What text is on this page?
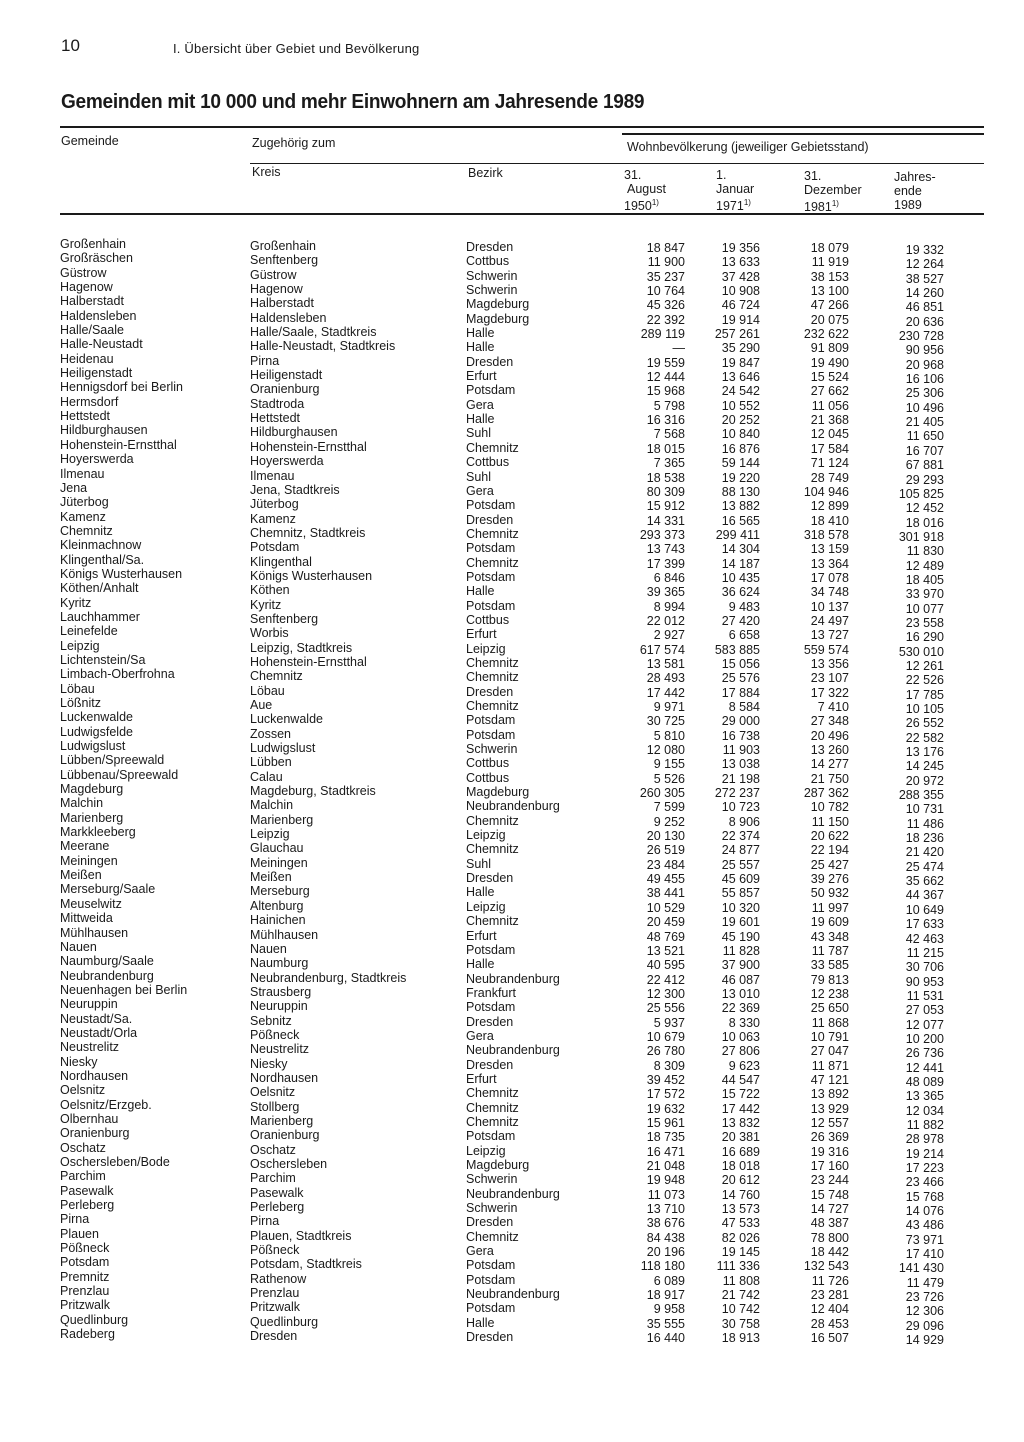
10	I. Übersicht über Gebiet und Bevölkerung
Gemeinden mit 10 000 und mehr Einwohnern am Jahresende 1989
Gemeinde	Zugehörig zum
Kreis	Bezirk
Wohnbevölkerung (jeweiliger Gebietsstand)
31.
August
1950$^{1)}$
1.
Januar
1971$^{1)}$
31.
Dezember
1981$^{1)}$
Jahres-
ende
1989
Großenhain	Großenhain	Dresden	18 847	19 356	18 079	19 332
Großräschen	Senftenberg	Cottbus	11 900	13 633	11 919	12 264
Güstrow	Güstrow	Schwerin	35 237	37 428	38 153	38 527
Hagenow	Hagenow	Schwerin	10 764	10 908	13 100	14 260
Halberstadt	Halberstadt	Magdeburg	45 326	46 724	47 266	46 851
Haldensleben	Haldensleben	Magdeburg	22 392	19 914	20 075	20 636
Halle/Saale	Halle/Saale, Stadtkreis	Halle	289 119	257 261	232 622	230 728
Halle-Neustadt	Halle-Neustadt, Stadtkreis	Halle	—	35 290	91 809	90 956
Heidenau	Pirna	Dresden	19 559	19 847	19 490	20 968
Heiligenstadt	Heiligenstadt	Erfurt	12 444	13 646	15 524	16 106
Hennigsdorf bei Berlin	Oranienburg	Potsdam	15 968	24 542	27 662	25 306
Hermsdorf	Stadtroda	Gera	5 798	10 552	11 056	10 496
Hettstedt	Hettstedt	Halle	16 316	20 252	21 368	21 405
Hildburghausen	Hildburghausen	Suhl	7 568	10 840	12 045	11 650
Hohenstein-Ernstthal	Hohenstein-Ernstthal	Chemnitz	18 015	16 876	17 584	16 707
Hoyerswerda	Hoyerswerda	Cottbus	7 365	59 144	71 124	67 881
Ilmenau	Ilmenau	Suhl	18 538	19 220	28 749	29 293
Jena	Jena, Stadtkreis	Gera	80 309	88 130	104 946	105 825
Jüterbog	Jüterbog	Potsdam	15 912	13 882	12 899	12 452
Kamenz	Kamenz	Dresden	14 331	16 565	18 410	18 016
Chemnitz	Chemnitz, Stadtkreis	Chemnitz	293 373	299 411	318 578	301 918
Kleinmachnow	Potsdam	Potsdam	13 743	14 304	13 159	11 830
Klingenthal/Sa.	Klingenthal	Chemnitz	17 399	14 187	13 364	12 489
Königs Wusterhausen	Königs Wusterhausen	Potsdam	6 846	10 435	17 078	18 405
Köthen/Anhalt	Köthen	Halle	39 365	36 624	34 748	33 970
Kyritz	Kyritz	Potsdam	8 994	9 483	10 137	10 077
Lauchhammer	Senftenberg	Cottbus	22 012	27 420	24 497	23 558
Leinefelde	Worbis	Erfurt	2 927	6 658	13 727	16 290
Leipzig	Leipzig, Stadtkreis	Leipzig	617 574	583 885	559 574	530 010
Lichtenstein/Sa	Hohenstein-Ernstthal	Chemnitz	13 581	15 056	13 356	12 261
Limbach-Oberfrohna	Chemnitz	Chemnitz	28 493	25 576	23 107	22 526
Löbau	Löbau	Dresden	17 442	17 884	17 322	17 785
Lößnitz	Aue	Chemnitz	9 971	8 584	7 410	10 105
Luckenwalde	Luckenwalde	Potsdam	30 725	29 000	27 348	26 552
Ludwigsfelde	Zossen	Potsdam	5 810	16 738	20 496	22 582
Ludwigslust	Ludwigslust	Schwerin	12 080	11 903	13 260	13 176
Lübben/Spreewald	Lübben	Cottbus	9 155	13 038	14 277	14 245
Lübbenau/Spreewald	Calau	Cottbus	5 526	21 198	21 750	20 972
Magdeburg	Magdeburg, Stadtkreis	Magdeburg	260 305	272 237	287 362	288 355
Malchin	Malchin	Neubrandenburg	7 599	10 723	10 782	10 731
Marienberg	Marienberg	Chemnitz	9 252	8 906	11 150	11 486
Markkleeberg	Leipzig	Leipzig	20 130	22 374	20 622	18 236
Meerane	Glauchau	Chemnitz	26 519	24 877	22 194	21 420
Meiningen	Meiningen	Suhl	23 484	25 557	25 427	25 474
Meißen	Meißen	Dresden	49 455	45 609	39 276	35 662
Merseburg/Saale	Merseburg	Halle	38 441	55 857	50 932	44 367
Meuselwitz	Altenburg	Leipzig	10 529	10 320	11 997	10 649
Mittweida	Hainichen	Chemnitz	20 459	19 601	19 609	17 633
Mühlhausen	Mühlhausen	Erfurt	48 769	45 190	43 348	42 463
Nauen	Nauen	Potsdam	13 521	11 828	11 787	11 215
Naumburg/Saale	Naumburg	Halle	40 595	37 900	33 585	30 706
Neubrandenburg	Neubrandenburg, Stadtkreis	Neubrandenburg	22 412	46 087	79 813	90 953
Neuenhagen bei Berlin	Strausberg	Frankfurt	12 300	13 010	12 238	11 531
Neuruppin	Neuruppin	Potsdam	25 556	22 369	25 650	27 053
Neustadt/Sa.	Sebnitz	Dresden	5 937	8 330	11 868	12 077
Neustadt/Orla	Pößneck	Gera	10 679	10 063	10 791	10 200
Neustrelitz	Neustrelitz	Neubrandenburg	26 780	27 806	27 047	26 736
Niesky	Niesky	Dresden	8 309	9 623	11 871	12 441
Nordhausen	Nordhausen	Erfurt	39 452	44 547	47 121	48 089
Oelsnitz	Oelsnitz	Chemnitz	17 572	15 722	13 892	13 365
Oelsnitz/Erzgeb.	Stollberg	Chemnitz	19 632	17 442	13 929	12 034
Olbernhau	Marienberg	Chemnitz	15 961	13 832	12 557	11 882
Oranienburg	Oranienburg	Potsdam	18 735	20 381	26 369	28 978
Oschatz	Oschatz	Leipzig	16 471	16 689	19 316	19 214
Oschersleben/Bode	Oschersleben	Magdeburg	21 048	18 018	17 160	17 223
Parchim	Parchim	Schwerin	19 948	20 612	23 244	23 466
Pasewalk	Pasewalk	Neubrandenburg	11 073	14 760	15 748	15 768
Perleberg	Perleberg	Schwerin	13 710	13 573	14 727	14 076
Pirna	Pirna	Dresden	38 676	47 533	48 387	43 486
Plauen	Plauen, Stadtkreis	Chemnitz	84 438	82 026	78 800	73 971
Pößneck	Pößneck	Gera	20 196	19 145	18 442	17 410
Potsdam	Potsdam, Stadtkreis	Potsdam	118 180	111 336	132 543	141 430
Premnitz	Rathenow	Potsdam	6 089	11 808	11 726	11 479
Prenzlau	Prenzlau	Neubrandenburg	18 917	21 742	23 281	23 726
Pritzwalk	Pritzwalk	Potsdam	9 958	10 742	12 404	12 306
Quedlinburg	Quedlinburg	Halle	35 555	30 758	28 453	29 096
Radeberg	Dresden	Dresden	16 440	18 913	16 507	14 929
